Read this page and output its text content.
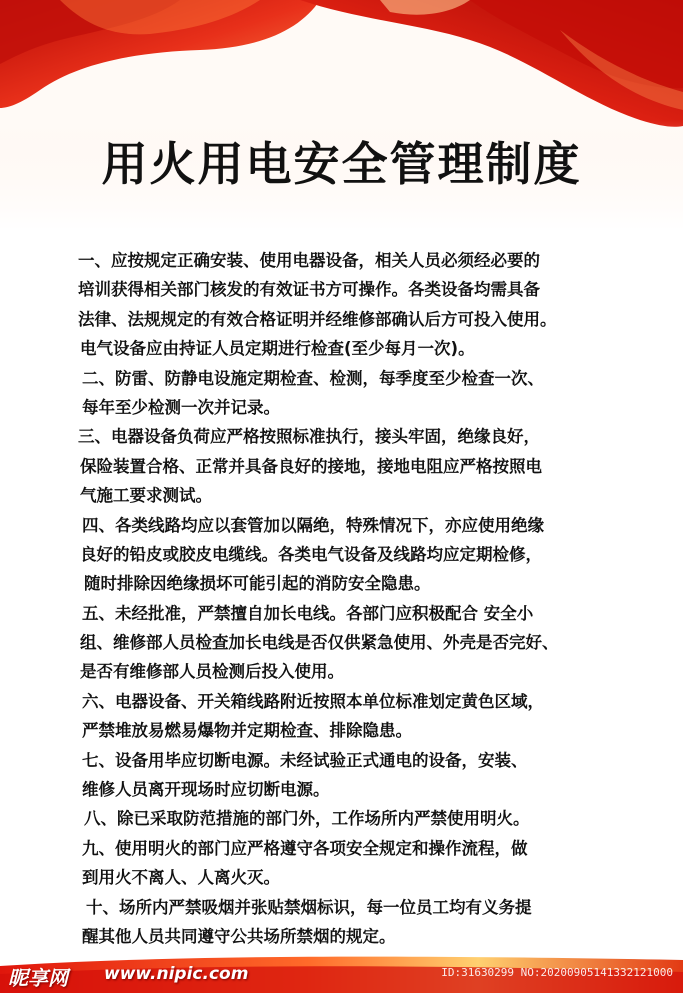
用火用电安全管理制度
一、应按规定正确安装、使用电器设备，相关人员必须经必要的
培训获得相关部门核发的有效证书方可操作。各类设备均需具备
法律、法规规定的有效合格证明并经维修部确认后方可投入使用。
电气设备应由持证人员定期进行检查(至少每月一次)。
二、防雷、防静电设施定期检查、检测，每季度至少检查一次、
每年至少检测一次并记录。
三、电器设备负荷应严格按照标准执行，接头牢固，绝缘良好，
保险装置合格、正常并具备良好的接地，接地电阻应严格按照电
气施工要求测试。
四、各类线路均应以套管加以隔绝，特殊情况下，亦应使用绝缘
良好的铅皮或胶皮电缆线。各类电气设备及线路均应定期检修，
随时排除因绝缘损坏可能引起的消防安全隐患。
五、未经批准，严禁擅自加长电线。各部门应积极配合 安全小
组、维修部人员检查加长电线是否仅供紧急使用、外壳是否完好、
是否有维修部人员检测后投入使用。
六、电器设备、开关箱线路附近按照本单位标准划定黄色区域，
严禁堆放易燃易爆物并定期检查、排除隐患。
七、设备用毕应切断电源。未经试验正式通电的设备，安装、
维修人员离开现场时应切断电源。
八、除已采取防范措施的部门外，工作场所内严禁使用明火。
九、使用明火的部门应严格遵守各项安全规定和操作流程，做
到用火不离人、人离火灭。
十、场所内严禁吸烟并张贴禁烟标识，每一位员工均有义务提
醒其他人员共同遵守公共场所禁烟的规定。
昵享网 www.nipic.com	ID:31630299 NO:20200905141332121000
